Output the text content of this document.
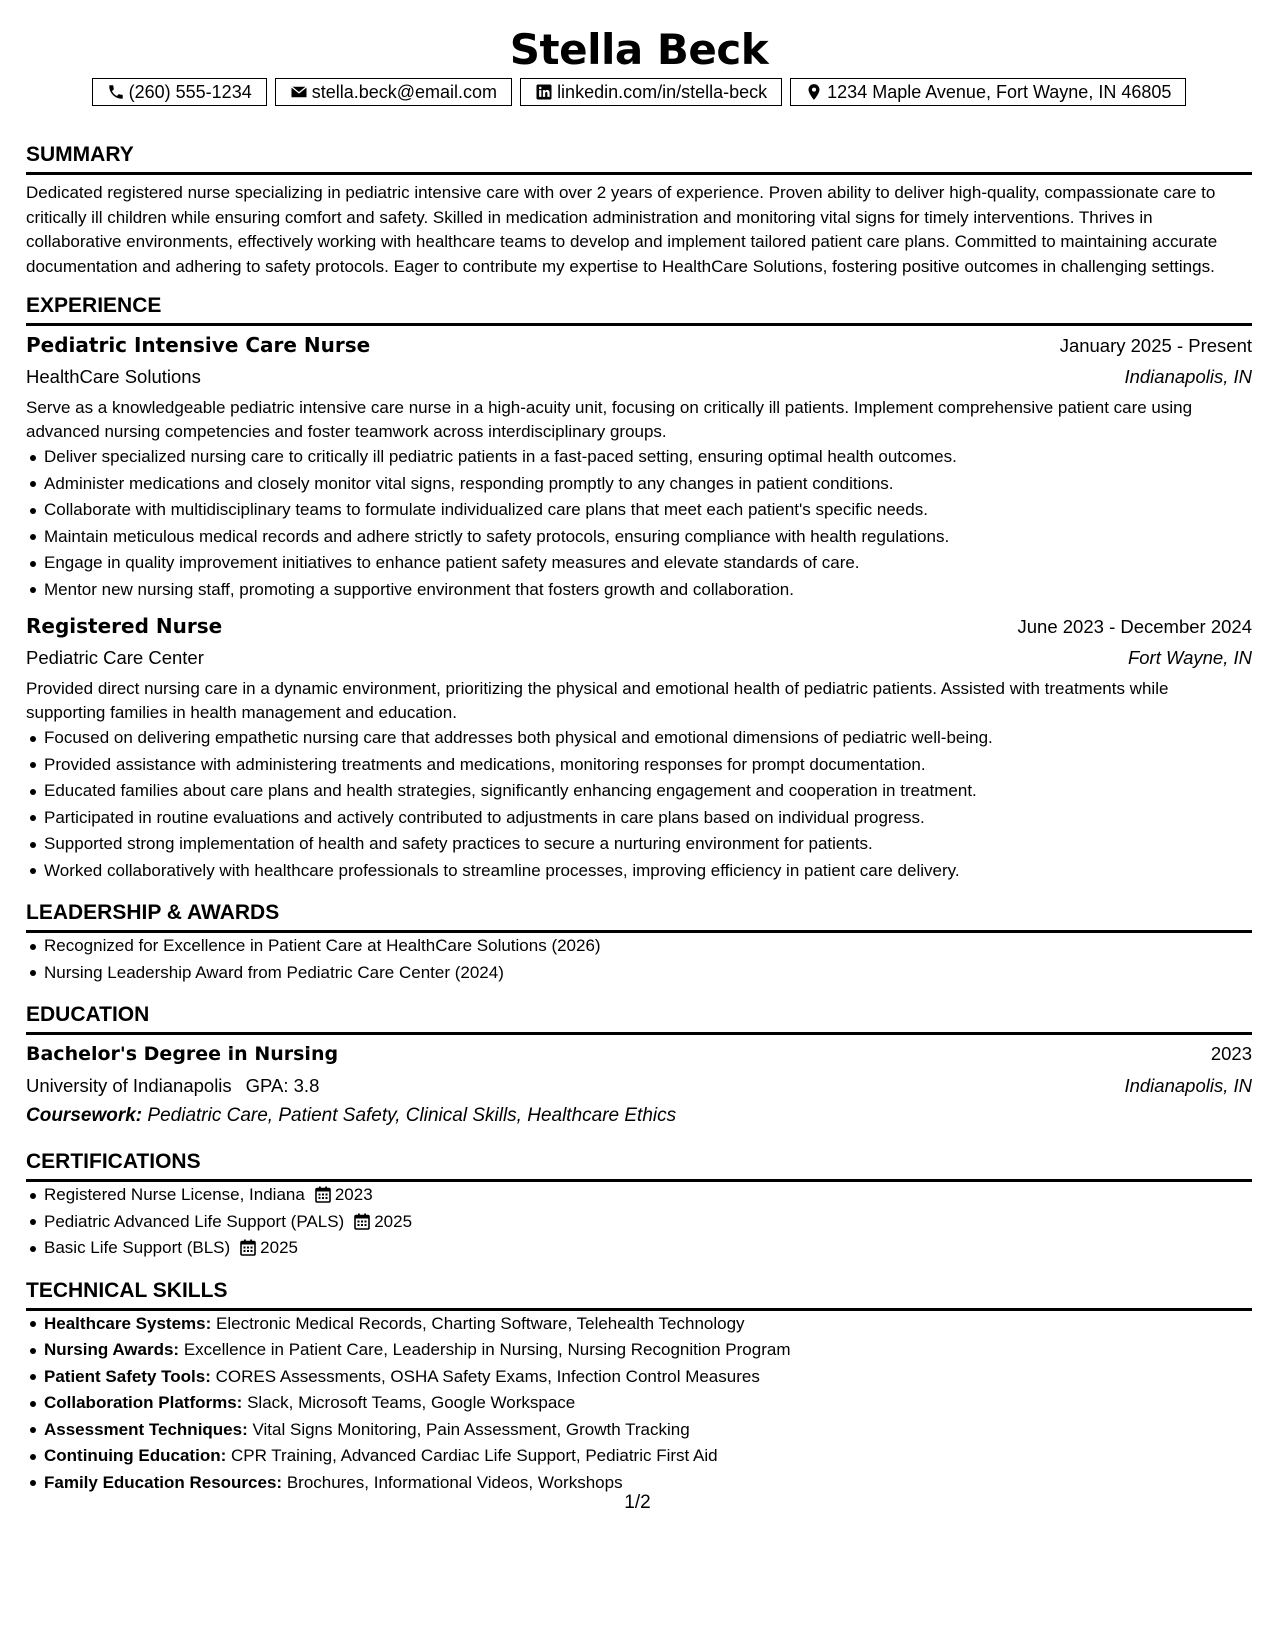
Stella Beck
(260) 555-1234	stella.beck@email.com	linkedin.com/in/stella-beck	1234 Maple Avenue, Fort Wayne, IN 46805
SUMMARY

Dedicated registered nurse specializing in pediatric intensive care with over 2 years of experience. Proven ability to deliver high-quality, compassionate care to critically ill children while ensuring comfort and safety. Skilled in medication administration and monitoring vital signs for timely interventions. Thrives in collaborative environments, effectively working with healthcare teams to develop and implement tailored patient care plans. Committed to maintaining accurate documentation and adhering to safety protocols. Eager to contribute my expertise to HealthCare Solutions, fostering positive outcomes in challenging settings.

EXPERIENCE
Pediatric Intensive Care Nurse	January 2025 - Present
HealthCare Solutions	Indianapolis, IN

Serve as a knowledgeable pediatric intensive care nurse in a high-acuity unit, focusing on critically ill patients. Implement comprehensive patient care using advanced nursing competencies and foster teamwork across interdisciplinary groups.

Deliver specialized nursing care to critically ill pediatric patients in a fast-paced setting, ensuring optimal health outcomes.
Administer medications and closely monitor vital signs, responding promptly to any changes in patient conditions.
Collaborate with multidisciplinary teams to formulate individualized care plans that meet each patient's specific needs.
Maintain meticulous medical records and adhere strictly to safety protocols, ensuring compliance with health regulations.
Engage in quality improvement initiatives to enhance patient safety measures and elevate standards of care.
Mentor new nursing staff, promoting a supportive environment that fosters growth and collaboration.
Registered Nurse	June 2023 - December 2024
Pediatric Care Center	Fort Wayne, IN

Provided direct nursing care in a dynamic environment, prioritizing the physical and emotional health of pediatric patients. Assisted with treatments while supporting families in health management and education.

Focused on delivering empathetic nursing care that addresses both physical and emotional dimensions of pediatric well-being.
Provided assistance with administering treatments and medications, monitoring responses for prompt documentation.
Educated families about care plans and health strategies, significantly enhancing engagement and cooperation in treatment.
Participated in routine evaluations and actively contributed to adjustments in care plans based on individual progress.
Supported strong implementation of health and safety practices to secure a nurturing environment for patients.
Worked collaboratively with healthcare professionals to streamline processes, improving efficiency in patient care delivery.
LEADERSHIP & AWARDS
Recognized for Excellence in Patient Care at HealthCare Solutions (2026)
Nursing Leadership Award from Pediatric Care Center (2024)
EDUCATION
Bachelor's Degree in Nursing	2023
University of Indianapolis GPA: 3.8	Indianapolis, IN
Coursework: Pediatric Care, Patient Safety, Clinical Skills, Healthcare Ethics
CERTIFICATIONS
Registered Nurse License, Indiana 2023
Pediatric Advanced Life Support (PALS) 2025
Basic Life Support (BLS) 2025
TECHNICAL SKILLS
Healthcare Systems: Electronic Medical Records, Charting Software, Telehealth Technology
Nursing Awards: Excellence in Patient Care, Leadership in Nursing, Nursing Recognition Program
Patient Safety Tools: CORES Assessments, OSHA Safety Exams, Infection Control Measures
Collaboration Platforms: Slack, Microsoft Teams, Google Workspace
Assessment Techniques: Vital Signs Monitoring, Pain Assessment, Growth Tracking
Continuing Education: CPR Training, Advanced Cardiac Life Support, Pediatric First Aid
Family Education Resources: Brochures, Informational Videos, Workshops
1/2
